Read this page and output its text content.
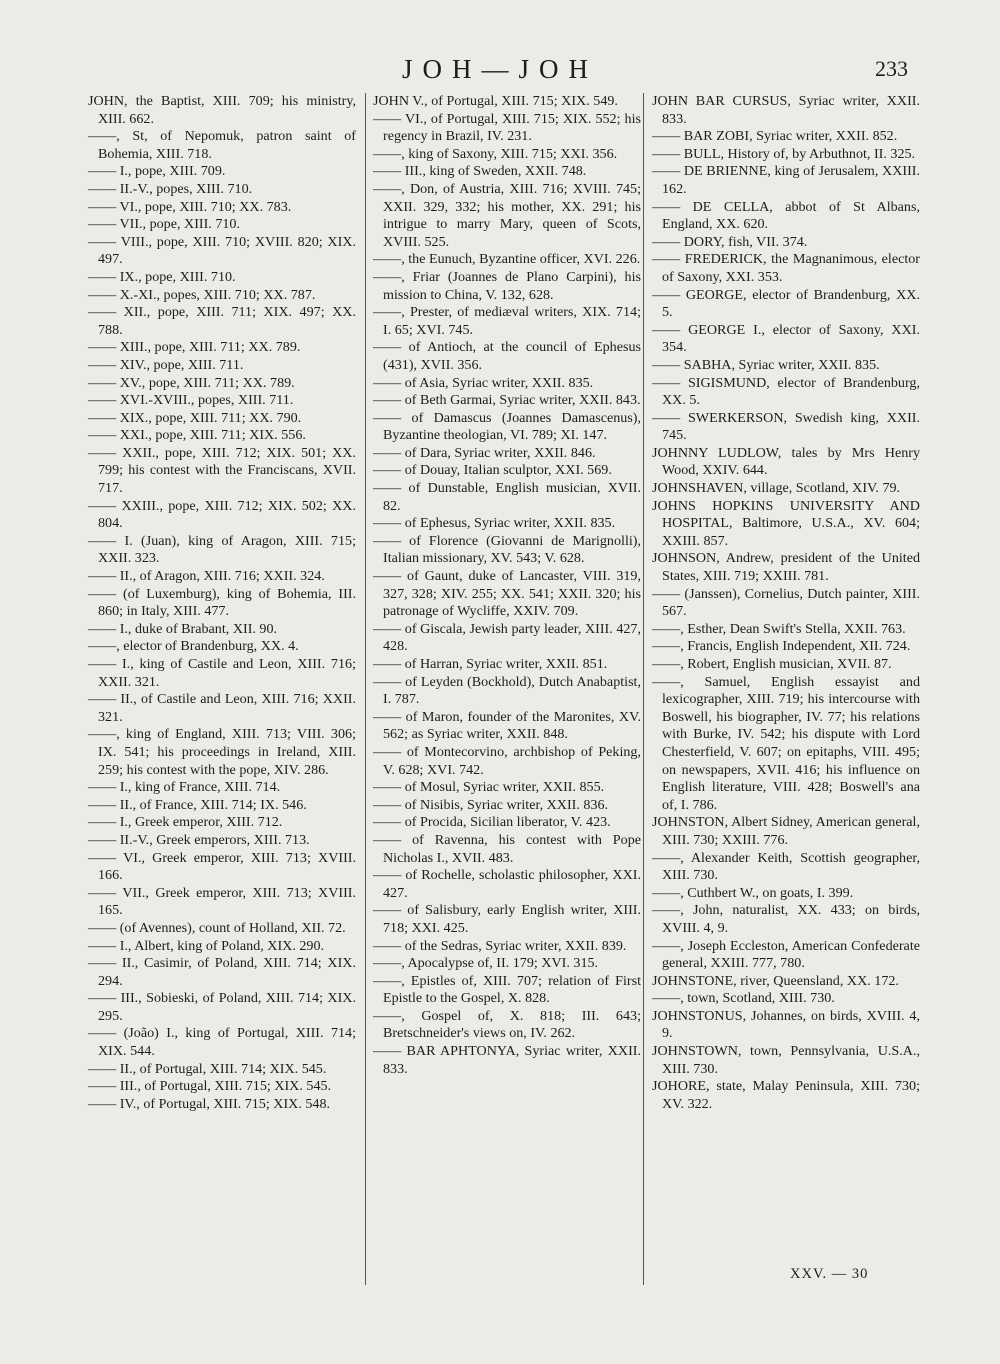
JOH—JOH	233

JOHN, the Baptist, XIII. 709; his ministry, XIII. 662.

——, St, of Nepomuk, patron saint of Bohemia, XIII. 718.

—— I., pope, XIII. 709.

—— II.-V., popes, XIII. 710.

—— VI., pope, XIII. 710; XX. 783.

—— VII., pope, XIII. 710.

—— VIII., pope, XIII. 710; XVIII. 820; XIX. 497.

—— IX., pope, XIII. 710.

—— X.-XI., popes, XIII. 710; XX. 787.

—— XII., pope, XIII. 711; XIX. 497; XX. 788.

—— XIII., pope, XIII. 711; XX. 789.

—— XIV., pope, XIII. 711.

—— XV., pope, XIII. 711; XX. 789.

—— XVI.-XVIII., popes, XIII. 711.

—— XIX., pope, XIII. 711; XX. 790.

—— XXI., pope, XIII. 711; XIX. 556.

—— XXII., pope, XIII. 712; XIX. 501; XX. 799; his contest with the Franciscans, XVII. 717.

—— XXIII., pope, XIII. 712; XIX. 502; XX. 804.

—— I. (Juan), king of Aragon, XIII. 715; XXII. 323.

—— II., of Aragon, XIII. 716; XXII. 324.

—— (of Luxemburg), king of Bohemia, III. 860; in Italy, XIII. 477.

—— I., duke of Brabant, XII. 90.

——, elector of Brandenburg, XX. 4.

—— I., king of Castile and Leon, XIII. 716; XXII. 321.

—— II., of Castile and Leon, XIII. 716; XXII. 321.

——, king of England, XIII. 713; VIII. 306; IX. 541; his proceedings in Ireland, XIII. 259; his contest with the pope, XIV. 286.

—— I., king of France, XIII. 714.

—— II., of France, XIII. 714; IX. 546.

—— I., Greek emperor, XIII. 712.

—— II.-V., Greek emperors, XIII. 713.

—— VI., Greek emperor, XIII. 713; XVIII. 166.

—— VII., Greek emperor, XIII. 713; XVIII. 165.

—— (of Avennes), count of Holland, XII. 72.

—— I., Albert, king of Poland, XIX. 290.

—— II., Casimir, of Poland, XIII. 714; XIX. 294.

—— III., Sobieski, of Poland, XIII. 714; XIX. 295.

—— (João) I., king of Portugal, XIII. 714; XIX. 544.

—— II., of Portugal, XIII. 714; XIX. 545.

—— III., of Portugal, XIII. 715; XIX. 545.

—— IV., of Portugal, XIII. 715; XIX. 548.

JOHN V., of Portugal, XIII. 715; XIX. 549.

—— VI., of Portugal, XIII. 715; XIX. 552; his regency in Brazil, IV. 231.

——, king of Saxony, XIII. 715; XXI. 356.

—— III., king of Sweden, XXII. 748.

——, Don, of Austria, XIII. 716; XVIII. 745; XXII. 329, 332; his mother, XX. 291; his intrigue to marry Mary, queen of Scots, XVIII. 525.

——, the Eunuch, Byzantine officer, XVI. 226.

——, Friar (Joannes de Plano Carpini), his mission to China, V. 132, 628.

——, Prester, of mediæval writers, XIX. 714; I. 65; XVI. 745.

—— of Antioch, at the council of Ephesus (431), XVII. 356.

—— of Asia, Syriac writer, XXII. 835.

—— of Beth Garmai, Syriac writer, XXII. 843.

—— of Damascus (Joannes Damascenus), Byzantine theologian, VI. 789; XI. 147.

—— of Dara, Syriac writer, XXII. 846.

—— of Douay, Italian sculptor, XXI. 569.

—— of Dunstable, English musician, XVII. 82.

—— of Ephesus, Syriac writer, XXII. 835.

—— of Florence (Giovanni de Marignolli), Italian missionary, XV. 543; V. 628.

—— of Gaunt, duke of Lancaster, VIII. 319, 327, 328; XIV. 255; XX. 541; XXII. 320; his patronage of Wycliffe, XXIV. 709.

—— of Giscala, Jewish party leader, XIII. 427, 428.

—— of Harran, Syriac writer, XXII. 851.

—— of Leyden (Bockhold), Dutch Anabaptist, I. 787.

—— of Maron, founder of the Maronites, XV. 562; as Syriac writer, XXII. 848.

—— of Montecorvino, archbishop of Peking, V. 628; XVI. 742.

—— of Mosul, Syriac writer, XXII. 855.

—— of Nisibis, Syriac writer, XXII. 836.

—— of Procida, Sicilian liberator, V. 423.

—— of Ravenna, his contest with Pope Nicholas I., XVII. 483.

—— of Rochelle, scholastic philosopher, XXI. 427.

—— of Salisbury, early English writer, XIII. 718; XXI. 425.

—— of the Sedras, Syriac writer, XXII. 839.

——, Apocalypse of, II. 179; XVI. 315.

——, Epistles of, XIII. 707; relation of First Epistle to the Gospel, X. 828.

——, Gospel of, X. 818; III. 643; Bretschneider's views on, IV. 262.

—— BAR APHTONYA, Syriac writer, XXII. 833.

JOHN BAR CURSUS, Syriac writer, XXII. 833.

—— BAR ZOBI, Syriac writer, XXII. 852.

—— BULL, History of, by Arbuthnot, II. 325.

—— DE BRIENNE, king of Jerusalem, XXIII. 162.

—— DE CELLA, abbot of St Albans, England, XX. 620.

—— DORY, fish, VII. 374.

—— FREDERICK, the Magnanimous, elector of Saxony, XXI. 353.

—— GEORGE, elector of Brandenburg, XX. 5.

—— GEORGE I., elector of Saxony, XXI. 354.

—— SABHA, Syriac writer, XXII. 835.

—— SIGISMUND, elector of Brandenburg, XX. 5.

—— SWERKERSON, Swedish king, XXII. 745.

JOHNNY LUDLOW, tales by Mrs Henry Wood, XXIV. 644.

JOHNSHAVEN, village, Scotland, XIV. 79.

JOHNS HOPKINS UNIVERSITY AND HOSPITAL, Baltimore, U.S.A., XV. 604; XXIII. 857.

JOHNSON, Andrew, president of the United States, XIII. 719; XXIII. 781.

—— (Janssen), Cornelius, Dutch painter, XIII. 567.

——, Esther, Dean Swift's Stella, XXII. 763.

——, Francis, English Independent, XII. 724.

——, Robert, English musician, XVII. 87.

——, Samuel, English essayist and lexicographer, XIII. 719; his intercourse with Boswell, his biographer, IV. 77; his relations with Burke, IV. 542; his dispute with Lord Chesterfield, V. 607; on epitaphs, VIII. 495; on newspapers, XVII. 416; his influence on English literature, VIII. 428; Boswell's ana of, I. 786.

JOHNSTON, Albert Sidney, American general, XIII. 730; XXIII. 776.

——, Alexander Keith, Scottish geographer, XIII. 730.

——, Cuthbert W., on goats, I. 399.

——, John, naturalist, XX. 433; on birds, XVIII. 4, 9.

——, Joseph Eccleston, American Confederate general, XXIII. 777, 780.

JOHNSTONE, river, Queensland, XX. 172.

——, town, Scotland, XIII. 730.

JOHNSTONUS, Johannes, on birds, XVIII. 4, 9.

JOHNSTOWN, town, Pennsylvania, U.S.A., XIII. 730.

JOHORE, state, Malay Peninsula, XIII. 730; XV. 322.

XXV. — 30
